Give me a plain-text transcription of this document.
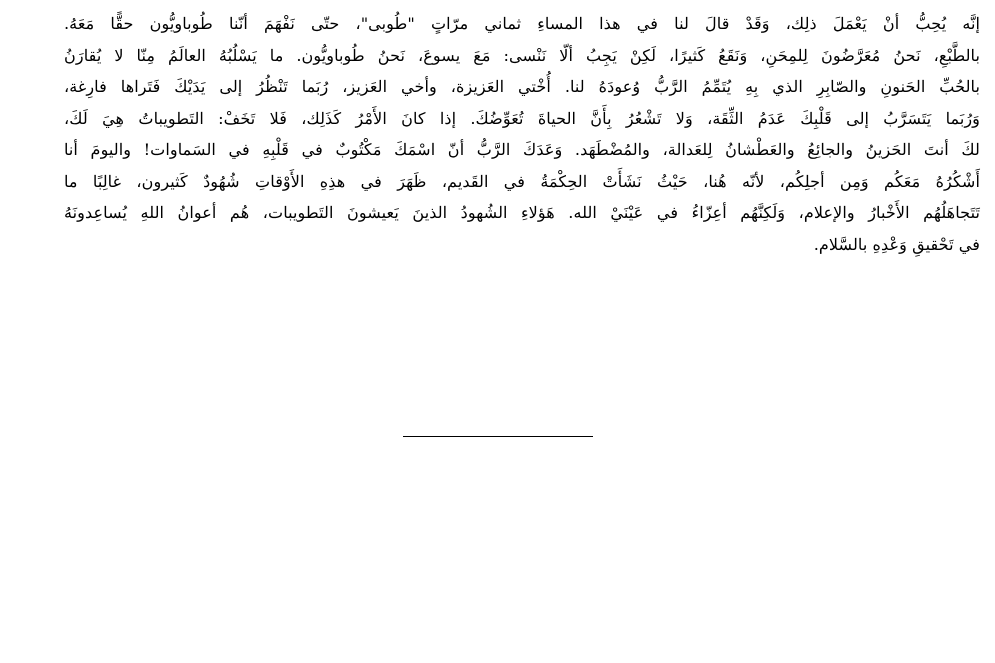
إنَّه يُحِبُّ أنْ يَعْمَلَ ذلِك، وَقَدْ قالَ لنا في هذا المساءِ ثماني مرّاتٍ "طُوبى"، حتّى نَفْهَمَ أنّنا طُوباويُّون حقًّا مَعَهُ.
بالطَّبْعِ، نَحنُ مُعَرَّضُونَ لِلمِحَنِ، وَنَقَعُ كَثيرًا، لَكِنْ يَجِبُ ألّا نَنْسى: مَعَ يسوعَ، نَحنُ طُوباويُّون. ما يَسْلُبُهُ العالَمُ مِنّا لا يُقارَنُ
بالحُبِّ الحَنونِ والصّابِرِ الذي بِهِ يُتَمِّمُ الرَّبُّ وُعودَهُ لنا. أُخْتي العَزيزة، وأخي العَزيز، رُبَما تَنْظُرُ إلى يَدَيْكَ فَتَراها فارِغة،
وَرُبَما يَتَسَرَّبُ إلى قَلْبِكَ عَدَمُ الثِّقَة، وَلا تَشْعُرُ بِأَنَّ الحياةَ تُعَوِّضُكَ. إذا كانَ الأَمْرُ كَذَلِك، فَلا تَخَفْ: التَطويباتُ هِيَ لَكَ،
لكَ أنتَ الحَزينُ والجائِعُ والعَطْشانُ لِلعَدالة، والمُضْطَهَد. وَعَدَكَ الرَّبُّ أنّ اسْمَكَ مَكْتُوبٌ في قَلْبِهِ في السَماوات! واليومَ أنا
أَشْكُرُهُ مَعَكُم وَمِن أجلِكُم، لأنّه هُنا، حَيْثُ نَشَأَتْ الحِكْمَةُ في القَديم، ظَهَرَ في هذِهِ الأَوْقاتِ شُهُودٌ كَثيرون، غالِبًا ما
تَتَجاهَلُهُم الأَخْبارُ والإعلام، وَلَكِنَّهُم أعِزّاءُ في عَيْنَيْ الله. هَؤلاءِ الشُهودُ الذينَ يَعيشونَ التَطويبات، هُم أعوانُ اللهِ يُساعِدونَهُ
في تَحْقيقِ وَعْدِهِ بالسَّلام.
